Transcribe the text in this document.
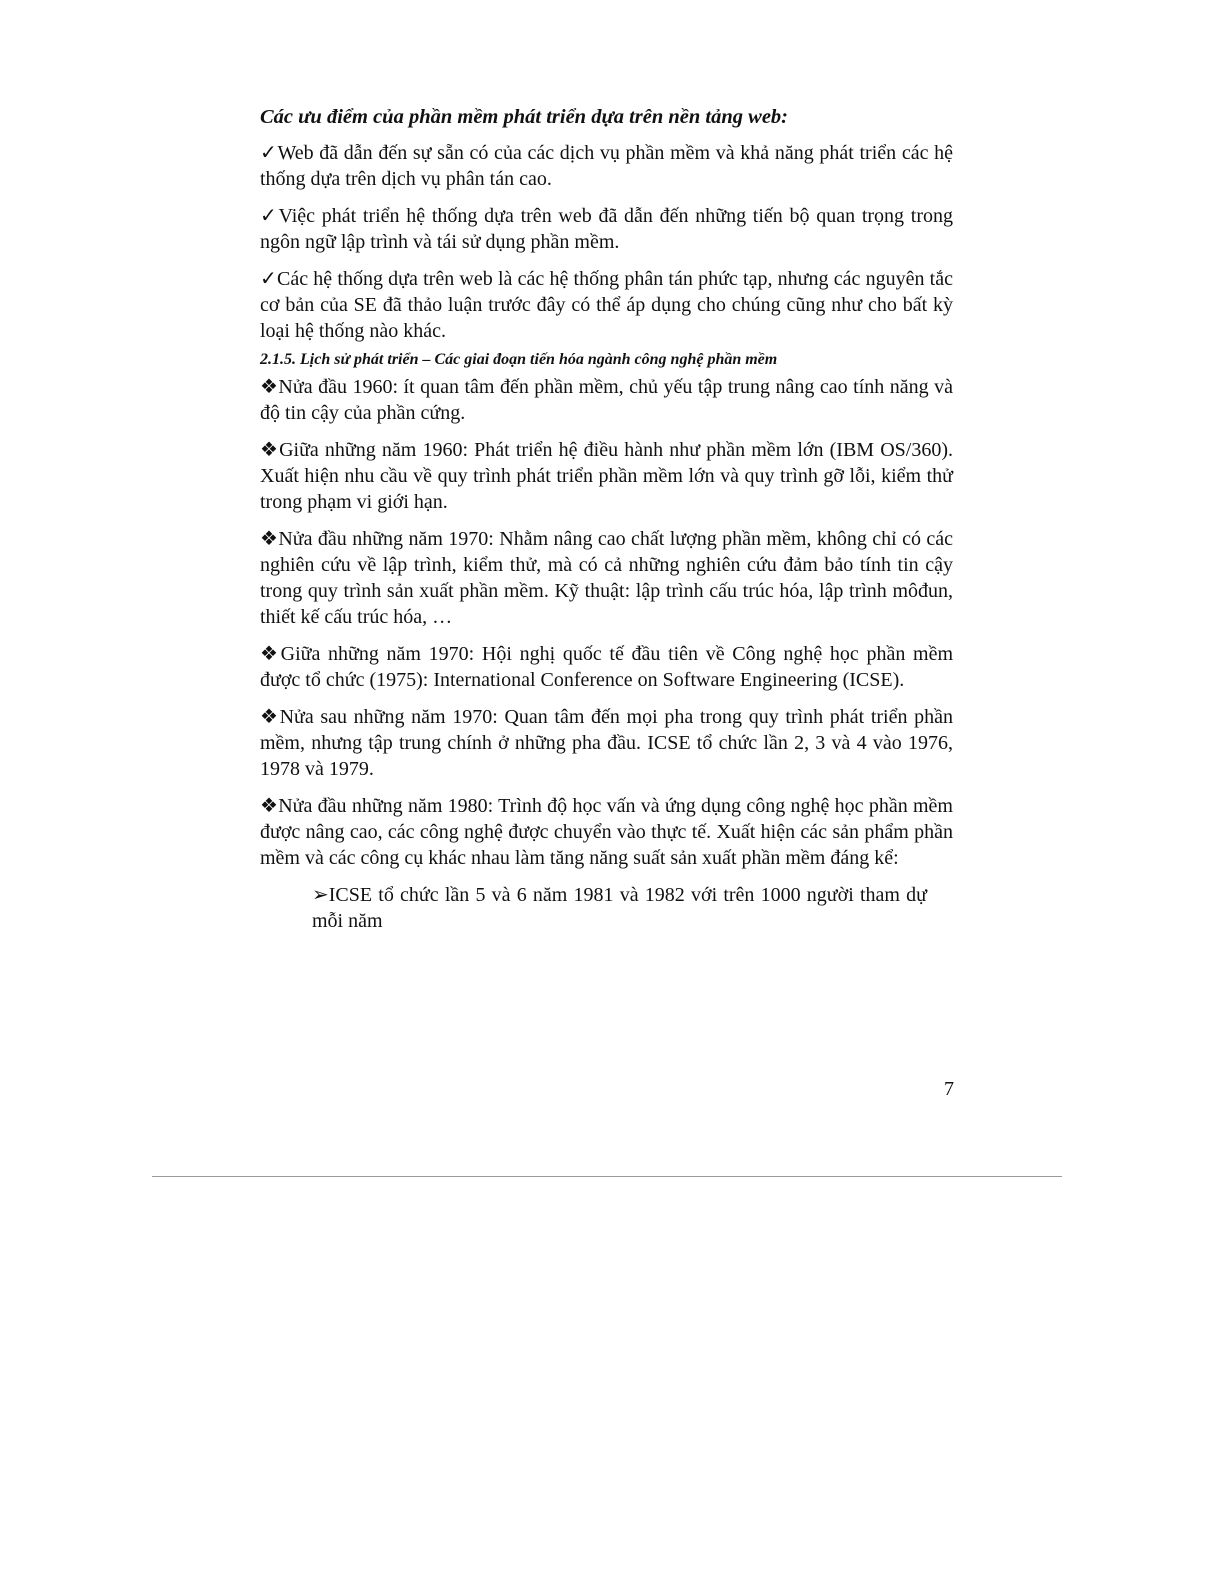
Các ưu điểm của phần mềm phát triển dựa trên nền tảng web:

✓Web đã dẫn đến sự sẵn có của các dịch vụ phần mềm và khả năng phát triển các hệ thống dựa trên dịch vụ phân tán cao.

✓Việc phát triển hệ thống dựa trên web đã dẫn đến những tiến bộ quan trọng trong ngôn ngữ lập trình và tái sử dụng phần mềm.

✓Các hệ thống dựa trên web là các hệ thống phân tán phức tạp, nhưng các nguyên tắc cơ bản của SE đã thảo luận trước đây có thể áp dụng cho chúng cũng như cho bất kỳ loại hệ thống nào khác.

2.1.5. Lịch sử phát triển – Các giai đoạn tiến hóa ngành công nghệ phần mềm

❖Nửa đầu 1960: ít quan tâm đến phần mềm, chủ yếu tập trung nâng cao tính năng và độ tin cậy của phần cứng.

❖Giữa những năm 1960: Phát triển hệ điều hành như phần mềm lớn (IBM OS/360). Xuất hiện nhu cầu về quy trình phát triển phần mềm lớn và quy trình gỡ lỗi, kiểm thử trong phạm vi giới hạn.

❖Nửa đầu những năm 1970: Nhằm nâng cao chất lượng phần mềm, không chỉ có các nghiên cứu về lập trình, kiểm thử, mà có cả những nghiên cứu đảm bảo tính tin cậy trong quy trình sản xuất phần mềm. Kỹ thuật: lập trình cấu trúc hóa, lập trình môđun, thiết kế cấu trúc hóa, …

❖Giữa những năm 1970: Hội nghị quốc tế đầu tiên về Công nghệ học phần mềm được tổ chức (1975): International Conference on Software Engineering (ICSE).

❖Nửa sau những năm 1970: Quan tâm đến mọi pha trong quy trình phát triển phần mềm, nhưng tập trung chính ở những pha đầu. ICSE tổ chức lần 2, 3 và 4 vào 1976, 1978 và 1979.

❖Nửa đầu những năm 1980: Trình độ học vấn và ứng dụng công nghệ học phần mềm được nâng cao, các công nghệ được chuyển vào thực tế. Xuất hiện các sản phẩm phần mềm và các công cụ khác nhau làm tăng năng suất sản xuất phần mềm đáng kể:

➢ICSE tổ chức lần 5 và 6 năm 1981 và 1982 với trên 1000 người tham dự mỗi năm

7
